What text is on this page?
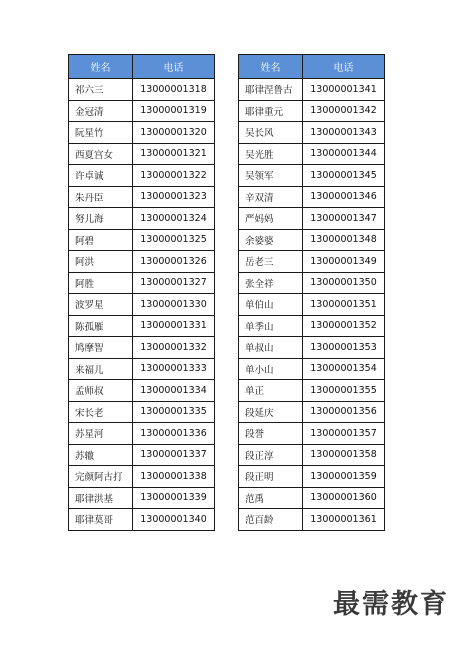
姓名	电话
祁六三	13000001318
金冠清	13000001319
阮星竹	13000001320
西夏宫女	13000001321
许卓诚	13000001322
朱丹臣	13000001323
努儿海	13000001324
阿碧	13000001325
阿洪	13000001326
阿胜	13000001327
波罗星	13000001330
陈孤雁	13000001331
鸠摩智	13000001332
来福儿	13000001333
孟师叔	13000001334
宋长老	13000001335
苏星河	13000001336
苏辙	13000001337
完颜阿古打	13000001338
耶律洪基	13000001339
耶律莫哥	13000001340
姓名	电话
耶律涅鲁古	13000001341
耶律重元	13000001342
吴长风	13000001343
吴光胜	13000001344
吴领军	13000001345
辛双清	13000001346
严妈妈	13000001347
余婆婆	13000001348
岳老三	13000001349
张全祥	13000001350
单伯山	13000001351
单季山	13000001352
单叔山	13000001353
单小山	13000001354
单正	13000001355
段延庆	13000001356
段誉	13000001357
段正淳	13000001358
段正明	13000001359
范禹	13000001360
范百龄	13000001361
最需教育
